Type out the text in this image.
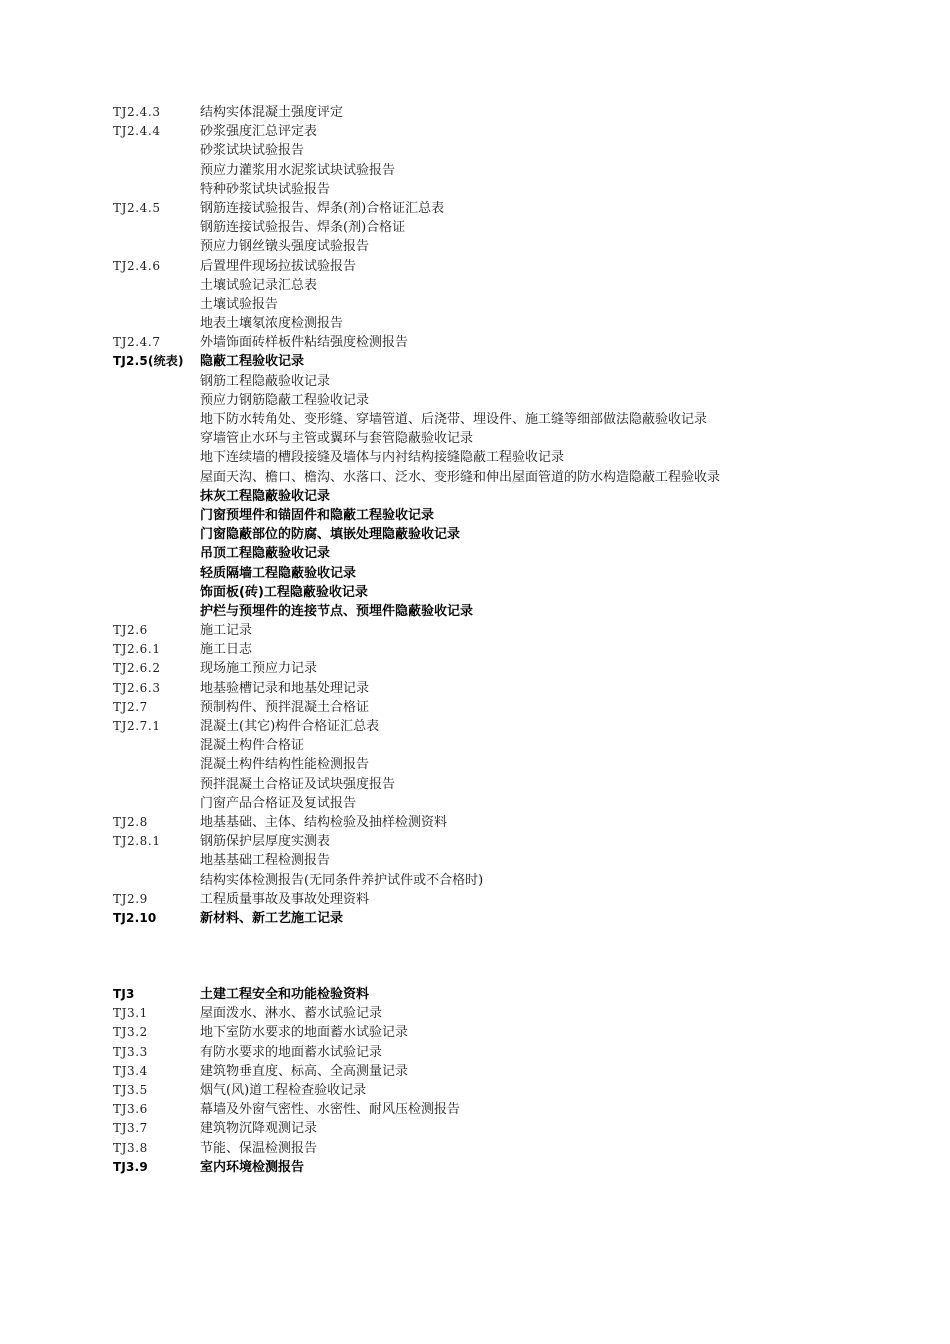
TJ2.4.3	结构实体混凝土强度评定
TJ2.4.4	砂浆强度汇总评定表
砂浆试块试验报告
预应力灌浆用水泥浆试块试验报告
特种砂浆试块试验报告
TJ2.4.5	钢筋连接试验报告、焊条(剂)合格证汇总表
钢筋连接试验报告、焊条(剂)合格证
预应力钢丝镦头强度试验报告
TJ2.4.6	后置埋件现场拉拔试验报告
土壤试验记录汇总表
土壤试验报告
地表土壤氡浓度检测报告
TJ2.4.7	外墙饰面砖样板件粘结强度检测报告
TJ2.5(统表)	隐蔽工程验收记录
钢筋工程隐蔽验收记录
预应力钢筋隐蔽工程验收记录
地下防水转角处、变形缝、穿墙管道、后浇带、埋设件、施工缝等细部做法隐蔽验收记录
穿墙管止水环与主管或翼环与套管隐蔽验收记录
地下连续墙的槽段接缝及墙体与内衬结构接缝隐蔽工程验收记录
屋面天沟、檐口、檐沟、水落口、泛水、变形缝和伸出屋面管道的防水构造隐蔽工程验收录
抹灰工程隐蔽验收记录
门窗预埋件和锚固件和隐蔽工程验收记录
门窗隐蔽部位的防腐、填嵌处理隐蔽验收记录
吊顶工程隐蔽验收记录
轻质隔墙工程隐蔽验收记录
饰面板(砖)工程隐蔽验收记录
护栏与预埋件的连接节点、预埋件隐蔽验收记录
TJ2.6	施工记录
TJ2.6.1	施工日志
TJ2.6.2	现场施工预应力记录
TJ2.6.3	地基验槽记录和地基处理记录
TJ2.7	预制构件、预拌混凝土合格证
TJ2.7.1	混凝土(其它)构件合格证汇总表
混凝土构件合格证
混凝土构件结构性能检测报告
预拌混凝土合格证及试块强度报告
门窗产品合格证及复试报告
TJ2.8	地基基础、主体、结构检验及抽样检测资料
TJ2.8.1	钢筋保护层厚度实测表
地基基础工程检测报告
结构实体检测报告(无同条件养护试件或不合格时)
TJ2.9	工程质量事故及事故处理资料
TJ2.10	新材料、新工艺施工记录
TJ3	土建工程安全和功能检验资料
TJ3.1	屋面泼水、淋水、蓄水试验记录
TJ3.2	地下室防水要求的地面蓄水试验记录
TJ3.3	有防水要求的地面蓄水试验记录
TJ3.4	建筑物垂直度、标高、全高测量记录
TJ3.5	烟气(风)道工程检查验收记录
TJ3.6	幕墙及外窗气密性、水密性、耐风压检测报告
TJ3.7	建筑物沉降观测记录
TJ3.8	节能、保温检测报告
TJ3.9	室内环境检测报告
